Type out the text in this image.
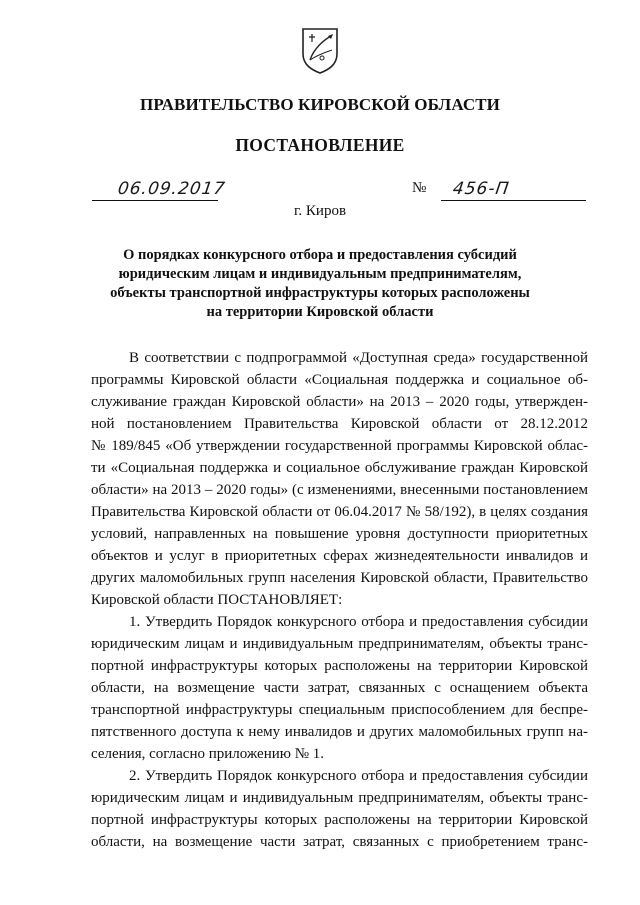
ПРАВИТЕЛЬСТВО КИРОВСКОЙ ОБЛАСТИ
ПОСТАНОВЛЕНИЕ
06.09.2017	№ 456-П
г. Киров
О порядках конкурсного отбора и предоставления субсидий
юридическим лицам и индивидуальным предпринимателям,
объекты транспортной инфраструктуры которых расположены
на территории Кировской области
В соответствии с подпрограммой «Доступная среда» государственной
программы Кировской области «Социальная поддержка и социальное об-
служивание граждан Кировской области» на 2013 – 2020 годы, утвержден-
ной постановлением Правительства Кировской области от 28.12.2012
№ 189/845 «Об утверждении государственной программы Кировской облас-
ти «Социальная поддержка и социальное обслуживание граждан Кировской
области» на 2013 – 2020 годы» (с изменениями, внесенными постановлением
Правительства Кировской области от 06.04.2017 № 58/192), в целях создания
условий, направленных на повышение уровня доступности приоритетных
объектов и услуг в приоритетных сферах жизнедеятельности инвалидов и
других маломобильных групп населения Кировской области, Правительство
Кировской области ПОСТАНОВЛЯЕТ:
1. Утвердить Порядок конкурсного отбора и предоставления субсидии
юридическим лицам и индивидуальным предпринимателям, объекты транс-
портной инфраструктуры которых расположены на территории Кировской
области, на возмещение части затрат, связанных с оснащением объекта
транспортной инфраструктуры специальным приспособлением для беспре-
пятственного доступа к нему инвалидов и других маломобильных групп на-
селения, согласно приложению № 1.
2. Утвердить Порядок конкурсного отбора и предоставления субсидии
юридическим лицам и индивидуальным предпринимателям, объекты транс-
портной инфраструктуры которых расположены на территории Кировской
области, на возмещение части затрат, связанных с приобретением транс-
